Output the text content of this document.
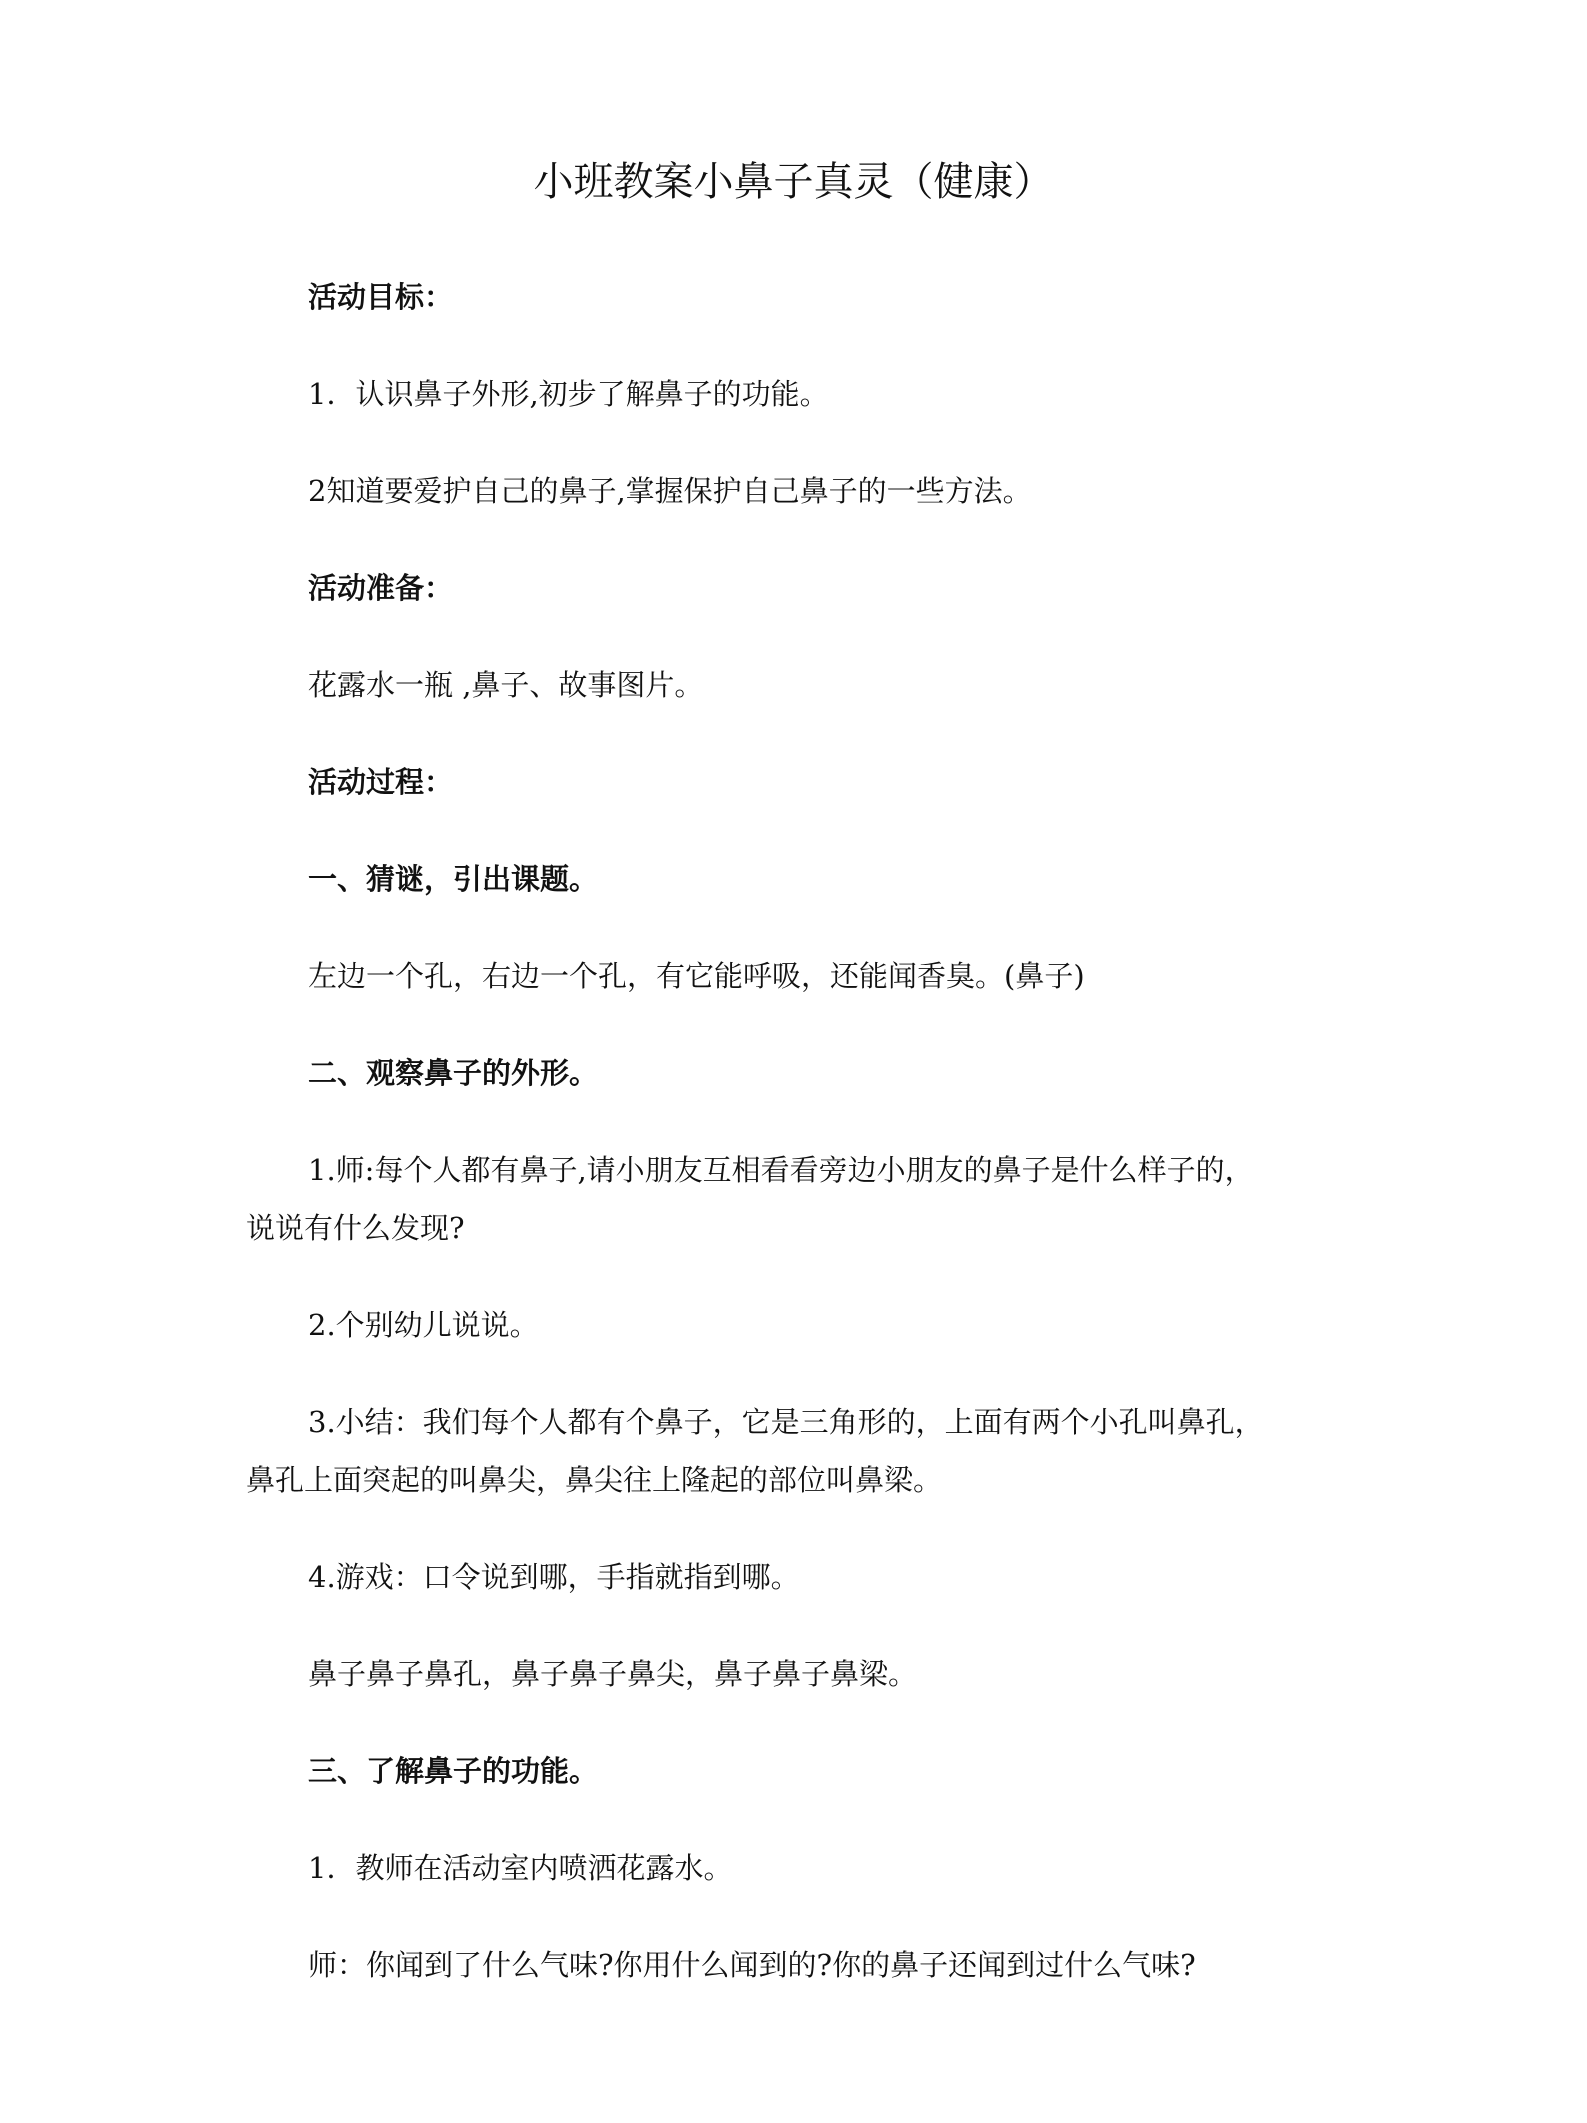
小班教案小鼻子真灵（健康）
活动目标：
1．认识鼻子外形,初步了解鼻子的功能。
2知道要爱护自己的鼻子,掌握保护自己鼻子的一些方法。
活动准备：
花露水一瓶 ,鼻子、故事图片。
活动过程：
一、猜谜，引出课题。
左边一个孔，右边一个孔，有它能呼吸，还能闻香臭。(鼻子)
二、观察鼻子的外形。
1.师:每个人都有鼻子,请小朋友互相看看旁边小朋友的鼻子是什么样子的，
说说有什么发现?
2.个别幼儿说说。
3.小结：我们每个人都有个鼻子，它是三角形的，上面有两个小孔叫鼻孔，
鼻孔上面突起的叫鼻尖，鼻尖往上隆起的部位叫鼻梁。
4.游戏：口令说到哪，手指就指到哪。
鼻子鼻子鼻孔，鼻子鼻子鼻尖，鼻子鼻子鼻梁。
三、了解鼻子的功能。
1．教师在活动室内喷洒花露水。
师：你闻到了什么气味?你用什么闻到的?你的鼻子还闻到过什么气味?
